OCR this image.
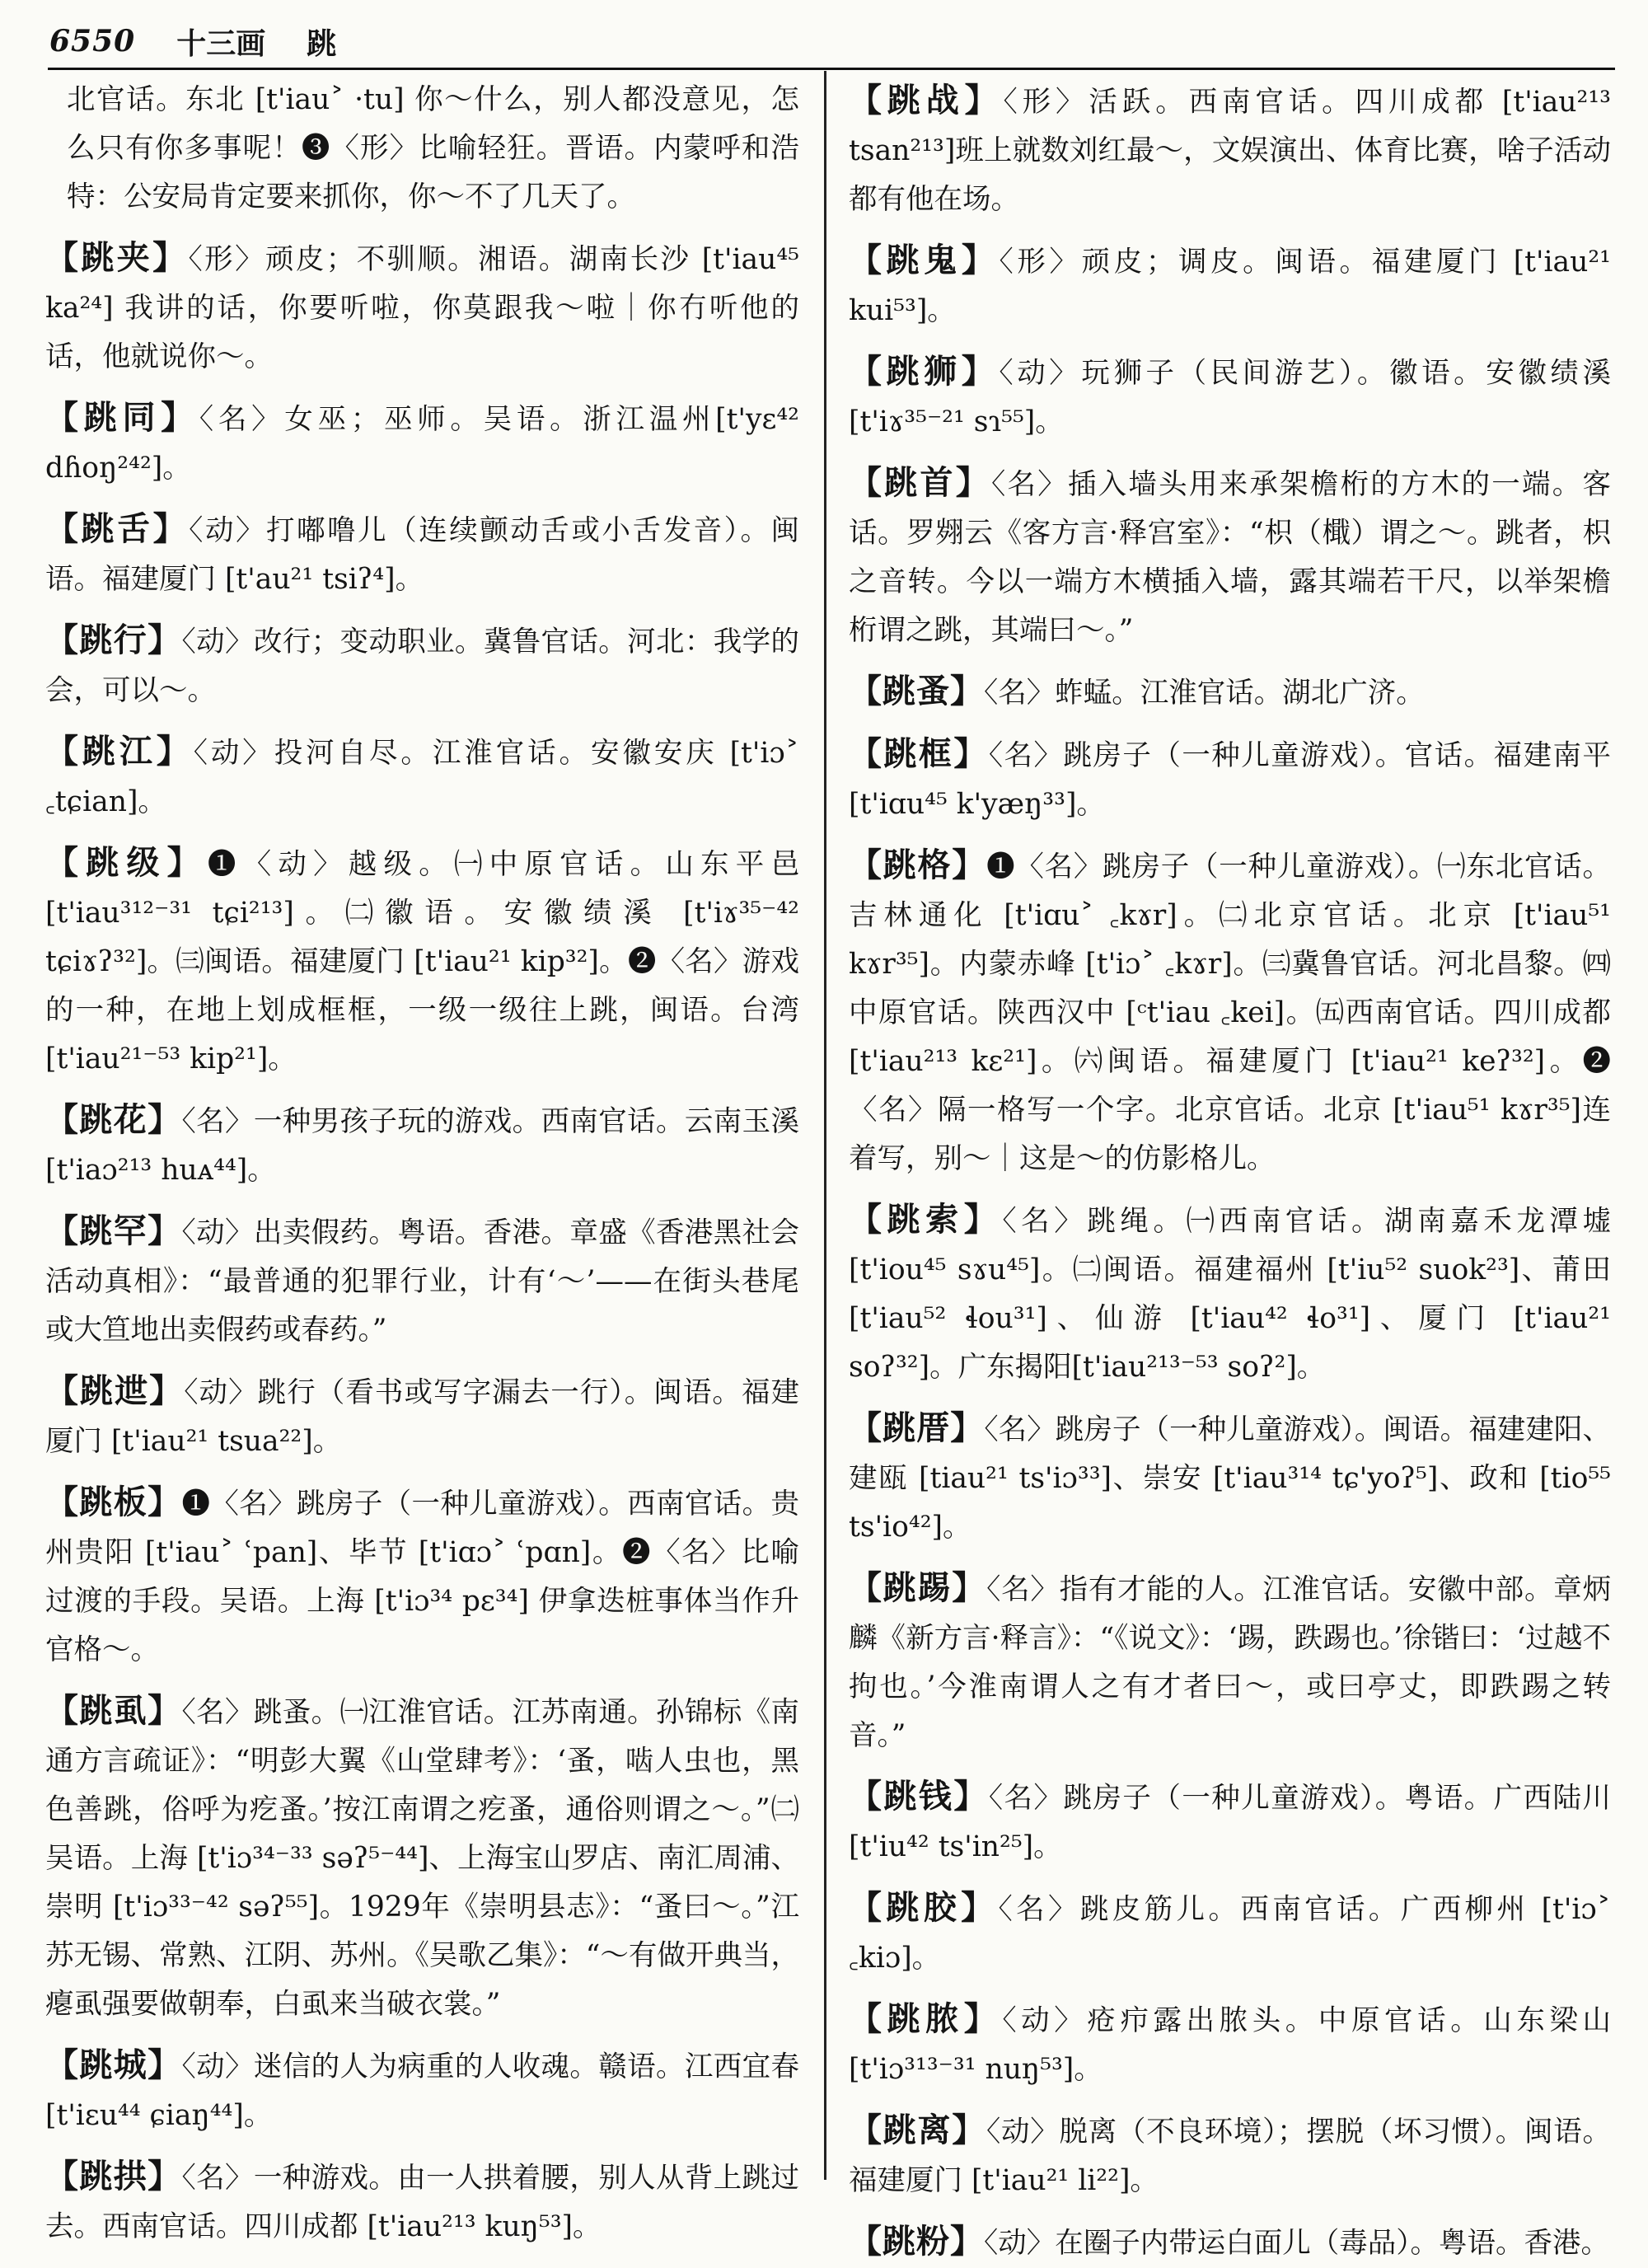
6550 十三画 跳
北官话。东北 [t'iau˃ ·tu] 你～什么，别人都没意见，怎么只有你多事呢！❸〈形〉比喻轻狂。晋语。内蒙呼和浩特：公安局肯定要来抓你，你～不了几天了。
【跳夹】〈形〉顽皮；不驯顺。湘语。湖南长沙 [t'iau⁴⁵ ka²⁴] 我讲的话，你要听啦，你莫跟我～啦｜你冇听他的话，他就说你～。
【跳同】〈名〉女巫；巫师。吴语。浙江温州[t'yɛ⁴² dɦoŋ²⁴²]。
【跳舌】〈动〉打嘟噜儿（连续颤动舌或小舌发音）。闽语。福建厦门 [t'au²¹ tsiʔ⁴]。
【跳行】〈动〉改行；变动职业。冀鲁官话。河北：我学的会，可以～。
【跳江】〈动〉投河自尽。江淮官话。安徽安庆 [t'iɔ˃ ꜀tɕian]。
【跳级】❶〈动〉越级。㈠中原官话。山东平邑[t'iau³¹²⁻³¹ tɕi²¹³]。㈡徽语。安徽绩溪 [t'iɤ³⁵⁻⁴² tɕiɤʔ³²]。㈢闽语。福建厦门 [t'iau²¹ kip³²]。❷〈名〉游戏的一种，在地上划成框框，一级一级往上跳，闽语。台湾 [t'iau²¹⁻⁵³ kip²¹]。
【跳花】〈名〉一种男孩子玩的游戏。西南官话。云南玉溪 [t'iaɔ²¹³ huᴀ⁴⁴]。
【跳罕】〈动〉出卖假药。粤语。香港。章盛《香港黑社会活动真相》：“最普通的犯罪行业，计有‘～’——在街头巷尾或大笪地出卖假药或春药。”
【跳迣】〈动〉跳行（看书或写字漏去一行）。闽语。福建厦门 [t'iau²¹ tsua²²]。
【跳板】❶〈名〉跳房子（一种儿童游戏）。西南官话。贵州贵阳 [t'iau˃ ʿpan]、毕节 [t'iɑɔ˃ ʿpɑn]。❷〈名〉比喻过渡的手段。吴语。上海 [t'iɔ³⁴ pɛ³⁴] 伊拿迭桩事体当作升官格～。
【跳虱】〈名〉跳蚤。㈠江淮官话。江苏南通。孙锦标《南通方言疏证》：“明彭大翼《山堂肆考》：‘蚤，啮人虫也，黑色善跳，俗呼为疙蚤。’按江南谓之疙蚤，通俗则谓之～。”㈡吴语。上海 [t'iɔ³⁴⁻³³ səʔ⁵⁻⁴⁴]、上海宝山罗店、南汇周浦、崇明 [t'iɔ³³⁻⁴² səʔ⁵⁵]。1929年《崇明县志》：“蚤曰～。”江苏无锡、常熟、江阴、苏州。《吴歌乙集》：“～有做开典当，瘪虱强要做朝奉，白虱来当破衣裳。”
【跳城】〈动〉迷信的人为病重的人收魂。赣语。江西宜春 [t'iɛu⁴⁴ ɕiaŋ⁴⁴]。
【跳拱】〈名〉一种游戏。由一人拱着腰，别人从背上跳过去。西南官话。四川成都 [t'iau²¹³ kuŋ⁵³]。
【跳战】〈形〉活跃。西南官话。四川成都 [t'iau²¹³ tsan²¹³]班上就数刘红最～，文娱演出、体育比赛，啥子活动都有他在场。
【跳鬼】〈形〉顽皮；调皮。闽语。福建厦门 [t'iau²¹ kui⁵³]。
【跳狮】〈动〉玩狮子（民间游艺）。徽语。安徽绩溪 [t'iɤ³⁵⁻²¹ sɿ⁵⁵]。
【跳首】〈名〉插入墙头用来承架檐桁的方木的一端。客话。罗翙云《客方言·释宫室》：“枳（檝）谓之～。跳者，枳之音转。今以一端方木横插入墙，露其端若干尺，以举架檐桁谓之跳，其端曰～。”
【跳蚤】〈名〉蚱蜢。江淮官话。湖北广济。
【跳框】〈名〉跳房子（一种儿童游戏）。官话。福建南平 [t'iɑu⁴⁵ k'yæŋ³³]。
【跳格】❶〈名〉跳房子（一种儿童游戏）。㈠东北官话。吉林通化 [t'iɑu˃ ꜀kɤr]。㈡北京官话。北京 [t'iau⁵¹ kɤr³⁵]。内蒙赤峰 [t'iɔ˃ ꜀kɤr]。㈢冀鲁官话。河北昌黎。㈣中原官话。陕西汉中 [ᶜt'iau ꜀kei]。㈤西南官话。四川成都 [t'iau²¹³ kɛ²¹]。㈥闽语。福建厦门 [t'iau²¹ keʔ³²]。❷〈名〉隔一格写一个字。北京官话。北京 [t'iau⁵¹ kɤr³⁵]连着写，别～｜这是～的仿影格儿。
【跳索】〈名〉跳绳。㈠西南官话。湖南嘉禾龙潭墟 [t'iou⁴⁵ sɤu⁴⁵]。㈡闽语。福建福州 [t'iu⁵² suok²³]、莆田 [t'iau⁵² ɬou³¹]、仙游 [t'iau⁴² ɬo³¹]、厦门 [t'iau²¹ soʔ³²]。广东揭阳[t'iau²¹³⁻⁵³ soʔ²]。
【跳厝】〈名〉跳房子（一种儿童游戏）。闽语。福建建阳、建瓯 [tiau²¹ ts'iɔ³³]、崇安 [t'iau³¹⁴ tɕ'yoʔ⁵]、政和 [tio⁵⁵ ts'io⁴²]。
【跳踢】〈名〉指有才能的人。江淮官话。安徽中部。章炳麟《新方言·释言》：“《说文》：‘踢，跌踢也。’徐锴曰：‘过越不拘也。’今淮南谓人之有才者曰～，或曰亭丈，即跌踢之转音。”
【跳钱】〈名〉跳房子（一种儿童游戏）。粤语。广西陆川 [t'iu⁴² ts'in²⁵]。
【跳胶】〈名〉跳皮筋儿。西南官话。广西柳州 [t'iɔ˃ ꜀kiɔ]。
【跳脓】〈动〉疮疖露出脓头。中原官话。山东梁山 [t'iɔ³¹³⁻³¹ nuŋ⁵³]。
【跳离】〈动〉脱离（不良环境）；摆脱（坏习惯）。闽语。福建厦门 [t'iau²¹ li²²]。
【跳粉】〈动〉在圈子内带运白面儿（毒品）。粤语。香港。
